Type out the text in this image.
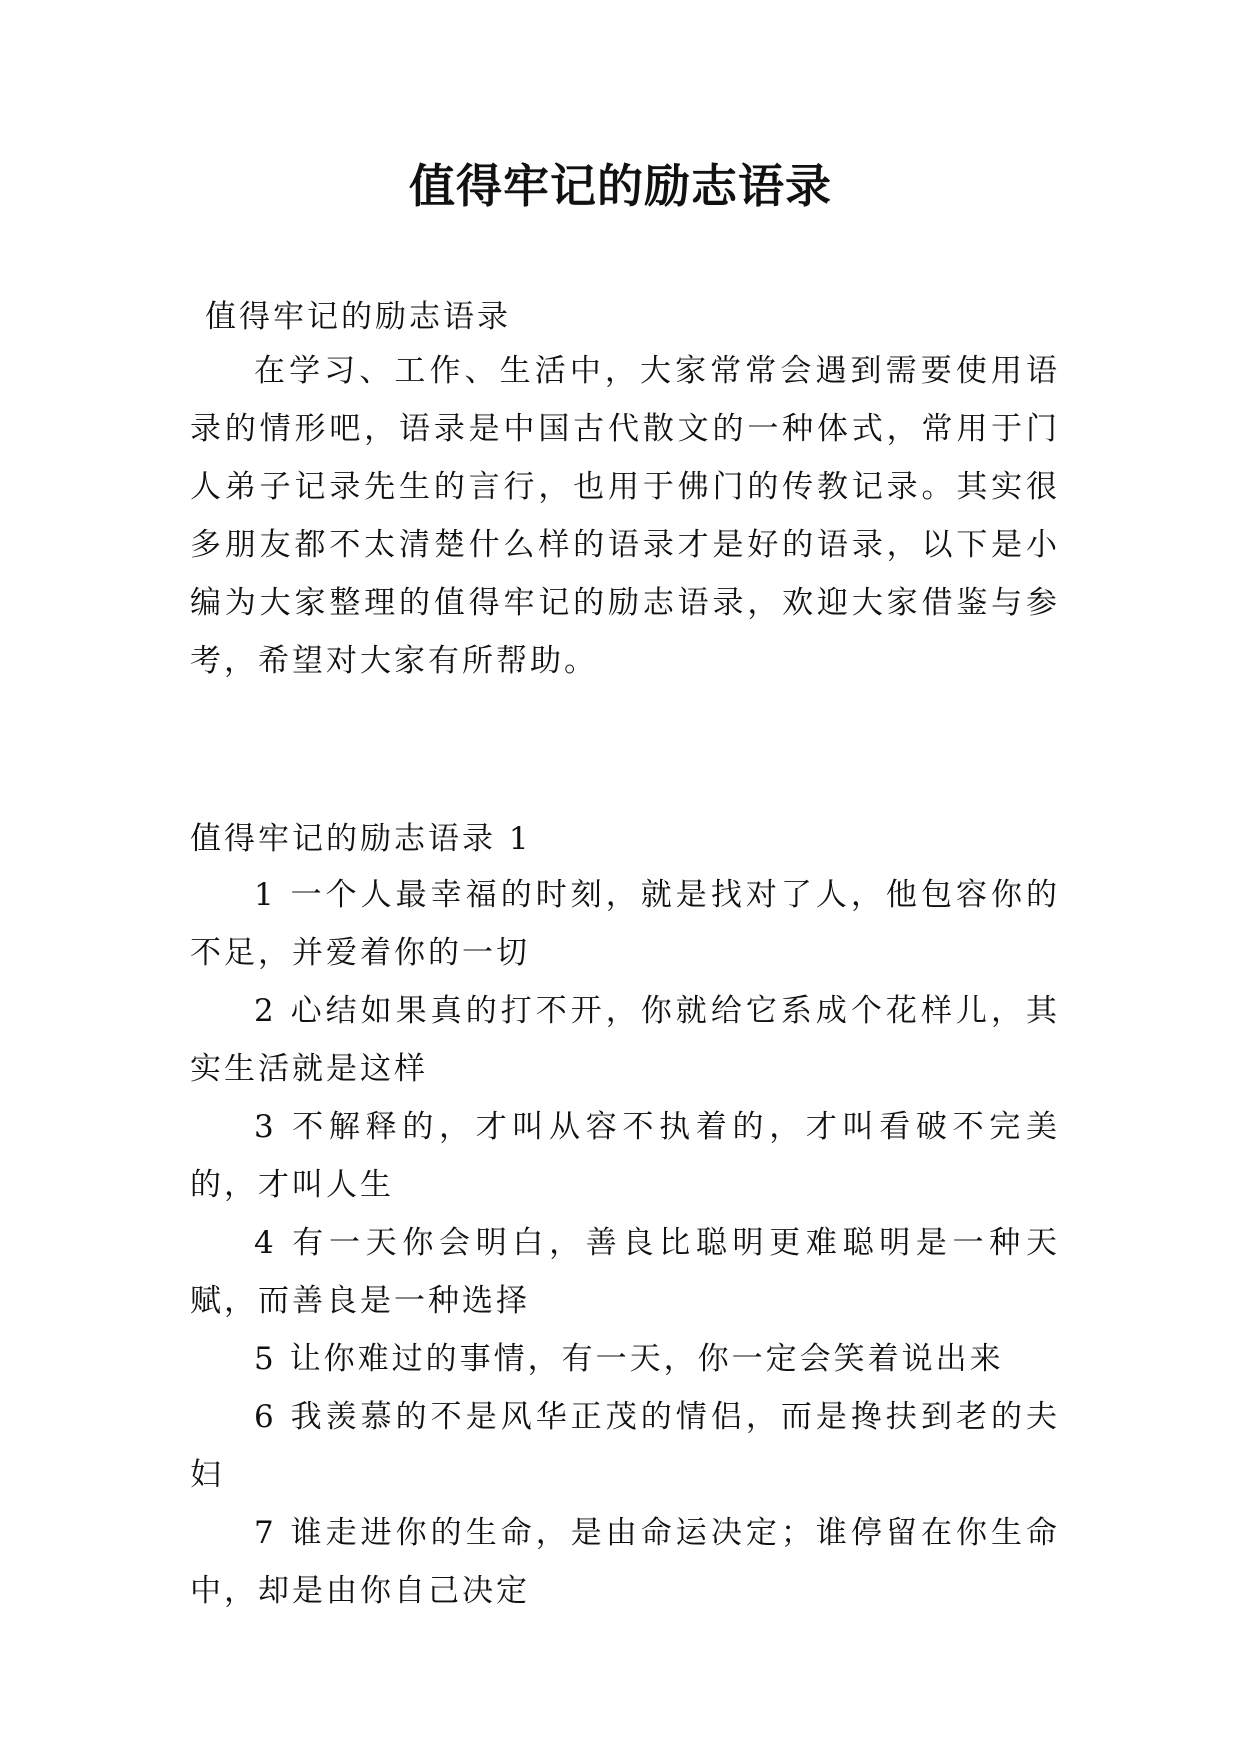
值得牢记的励志语录
值得牢记的励志语录

在学习、工作、生活中，大家常常会遇到需要使用语录的情形吧，语录是中国古代散文的一种体式，常用于门人弟子记录先生的言行，也用于佛门的传教记录。其实很多朋友都不太清楚什么样的语录才是好的语录，以下是小编为大家整理的值得牢记的励志语录，欢迎大家借鉴与参考，希望对大家有所帮助。

值得牢记的励志语录 1

1 一个人最幸福的时刻，就是找对了人，他包容你的不足，并爱着你的一切

2 心结如果真的打不开，你就给它系成个花样儿，其实生活就是这样

3 不解释的，才叫从容不执着的，才叫看破不完美的，才叫人生

4 有一天你会明白，善良比聪明更难聪明是一种天赋，而善良是一种选择

5 让你难过的事情，有一天，你一定会笑着说出来

6 我羡慕的不是风华正茂的情侣，而是搀扶到老的夫妇

7 谁走进你的生命，是由命运决定；谁停留在你生命中，却是由你自己决定
